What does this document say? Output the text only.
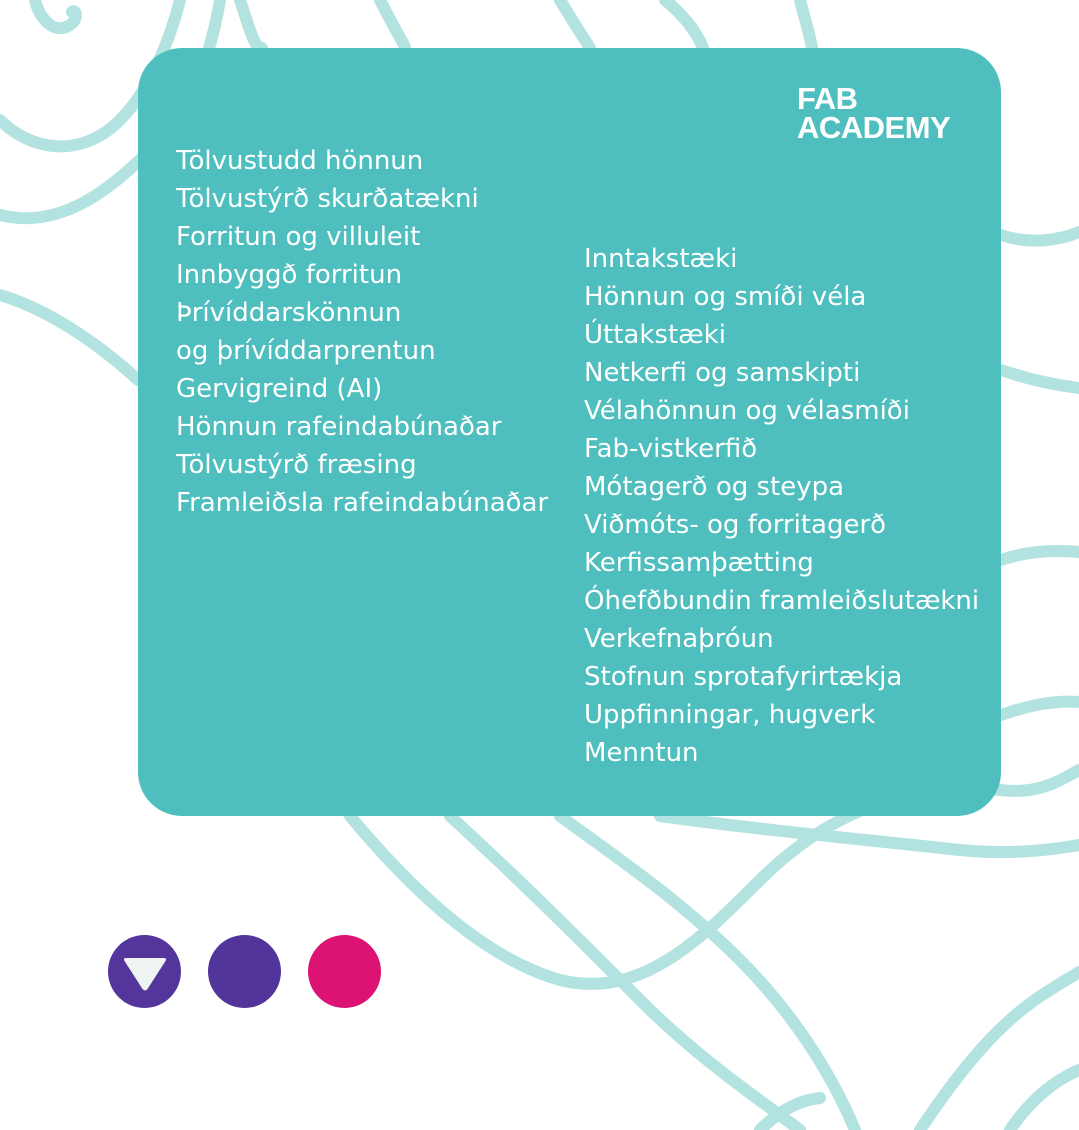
FAB
ACADEMY
Tölvustudd hönnun
Tölvustýrð skurðatækni
Forritun og villuleit
Innbyggð forritun
Þrívíddarskönnun
og þrívíddarprentun
Gervigreind (AI)
Hönnun rafeindabúnaðar
Tölvustýrð fræsing
Framleiðsla rafeindabúnaðar
Inntakstæki
Hönnun og smíði véla
Úttakstæki
Netkerfi og samskipti
Vélahönnun og vélasmíði
Fab-vistkerfið
Mótagerð og steypa
Viðmóts- og forritagerð
Kerfissamþætting
Óhefðbundin framleiðslutækni
Verkefnaþróun
Stofnun sprotafyrirtækja
Uppfinningar, hugverk
Menntun
